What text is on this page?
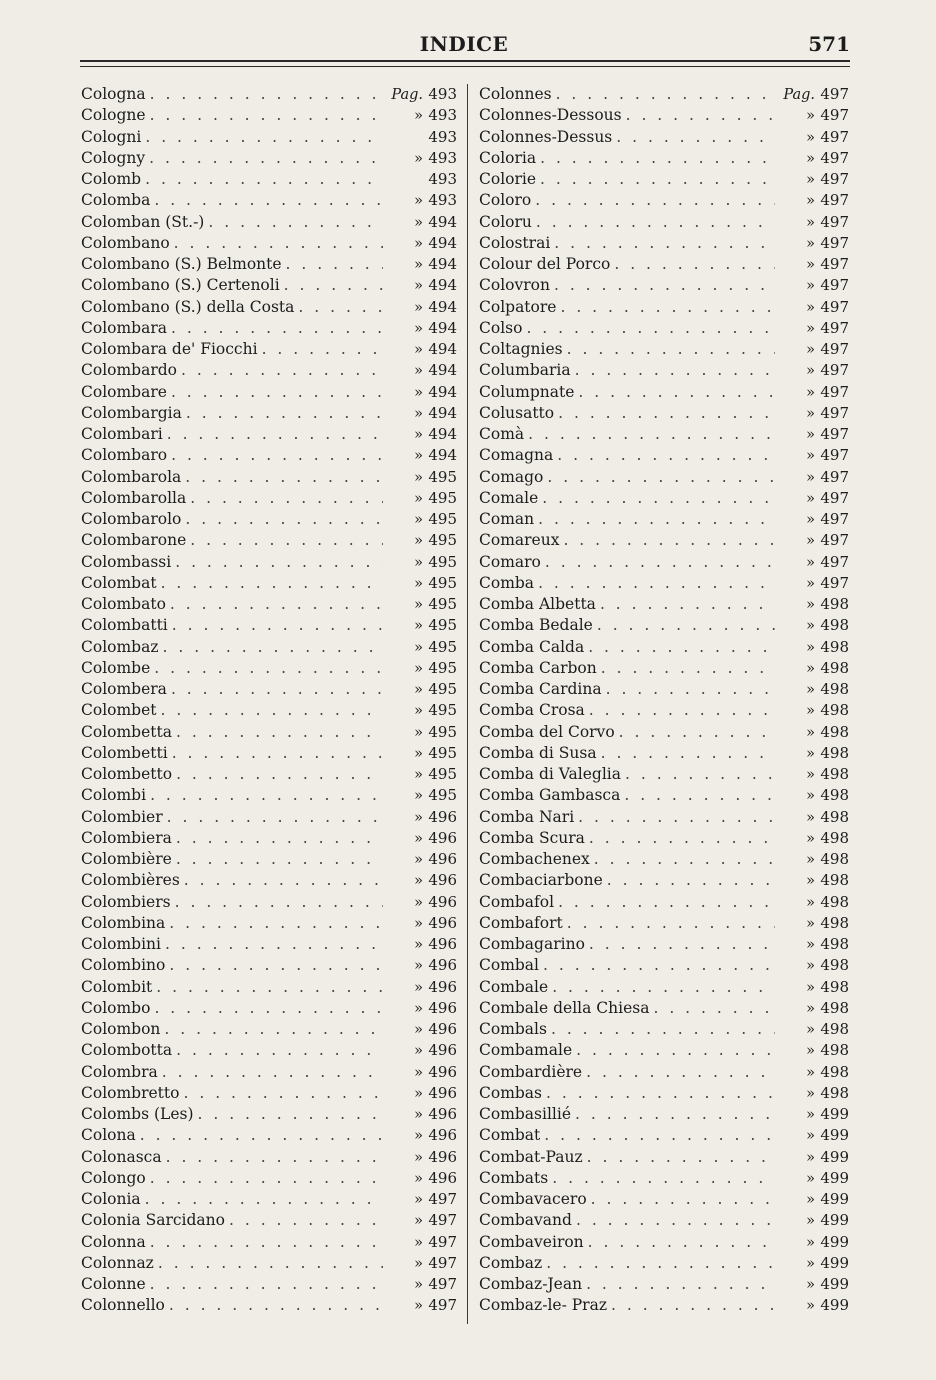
INDICE	571
Cologna . . .	Pag. 493
Cologne . . .	» 493
Cologni . . .	493
Cologny . . .	» 493
Colomb . . .	493
Colomba . . .	» 493
Colomban (St.-) . . .	» 494
Colombano . . .	» 494
Colombano (S.) Belmonte . . .	» 494
Colombano (S.) Certenoli . . .	» 494
Colombano (S.) della Costa . . .	» 494
Colombara . . .	» 494
Colombara de' Fiocchi . . .	» 494
Colombardo . . .	» 494
Colombare . . .	» 494
Colombargia . . .	» 494
Colombari . . .	» 494
Colombaro . . .	» 494
Colombarola . . .	» 495
Colombarolla . . .	» 495
Colombarolo . . .	» 495
Colombarone . . .	» 495
Colombassi . . .	» 495
Colombat . . .	» 495
Colombato . . .	» 495
Colombatti . . .	» 495
Colombaz . . .	» 495
Colombe . . .	» 495
Colombera . . .	» 495
Colombet . . .	» 495
Colombetta . . .	» 495
Colombetti . . .	» 495
Colombetto . . .	» 495
Colombi . . .	» 495
Colombier . . .	» 496
Colombiera . . .	» 496
Colombière . . .	» 496
Colombières . . .	» 496
Colombiers . . .	» 496
Colombina . . .	» 496
Colombini . . .	» 496
Colombino . . .	» 496
Colombit . . .	» 496
Colombo . . .	» 496
Colombon . . .	» 496
Colombotta . . .	» 496
Colombra . . .	» 496
Colombretto . . .	» 496
Colombs (Les) . . .	» 496
Colona . . .	» 496
Colonasca . . .	» 496
Colongo . . .	» 496
Colonia . . .	» 497
Colonia Sarcidano . . .	» 497
Colonna . . .	» 497
Colonnaz . . .	» 497
Colonne . . .	» 497
Colonnello . . .	» 497
Colonnes . . .	Pag. 497
Colonnes-Dessous . . .	» 497
Colonnes-Dessus . . .	» 497
Coloria . . .	» 497
Colorie . . .	» 497
Coloro . . .	» 497
Coloru . . .	» 497
Colostrai . . .	» 497
Colour del Porco . . .	» 497
Colovron . . .	» 497
Colpatore . . .	» 497
Colso . . .	» 497
Coltagnies . . .	» 497
Columbaria . . .	» 497
Columpnate . . .	» 497
Colusatto . . .	» 497
Comà . . .	» 497
Comagna . . .	» 497
Comago . . .	» 497
Comale . . .	» 497
Coman . . .	» 497
Comareux . . .	» 497
Comaro . . .	» 497
Comba . . .	» 497
Comba Albetta . . .	» 498
Comba Bedale . . .	» 498
Comba Calda . . .	» 498
Comba Carbon . . .	» 498
Comba Cardina . . .	» 498
Comba Crosa . . .	» 498
Comba del Corvo . . .	» 498
Comba di Susa . . .	» 498
Comba di Valeglia . . .	» 498
Comba Gambasca . . .	» 498
Comba Nari . . .	» 498
Comba Scura . . .	» 498
Combachenex . . .	» 498
Combaciarbone . . .	» 498
Combafol . . .	» 498
Combafort . . .	» 498
Combagarino . . .	» 498
Combal . . .	» 498
Combale . . .	» 498
Combale della Chiesa . . .	» 498
Combals . . .	» 498
Combamale . . .	» 498
Combardière . . .	» 498
Combas . . .	» 498
Combasillié . . .	» 499
Combat . . .	» 499
Combat-Pauz . . .	» 499
Combats . . .	» 499
Combavacero . . .	» 499
Combavand . . .	» 499
Combaveiron . . .	» 499
Combaz . . .	» 499
Combaz-Jean . . .	» 499
Combaz-le- Praz . . .	» 499
